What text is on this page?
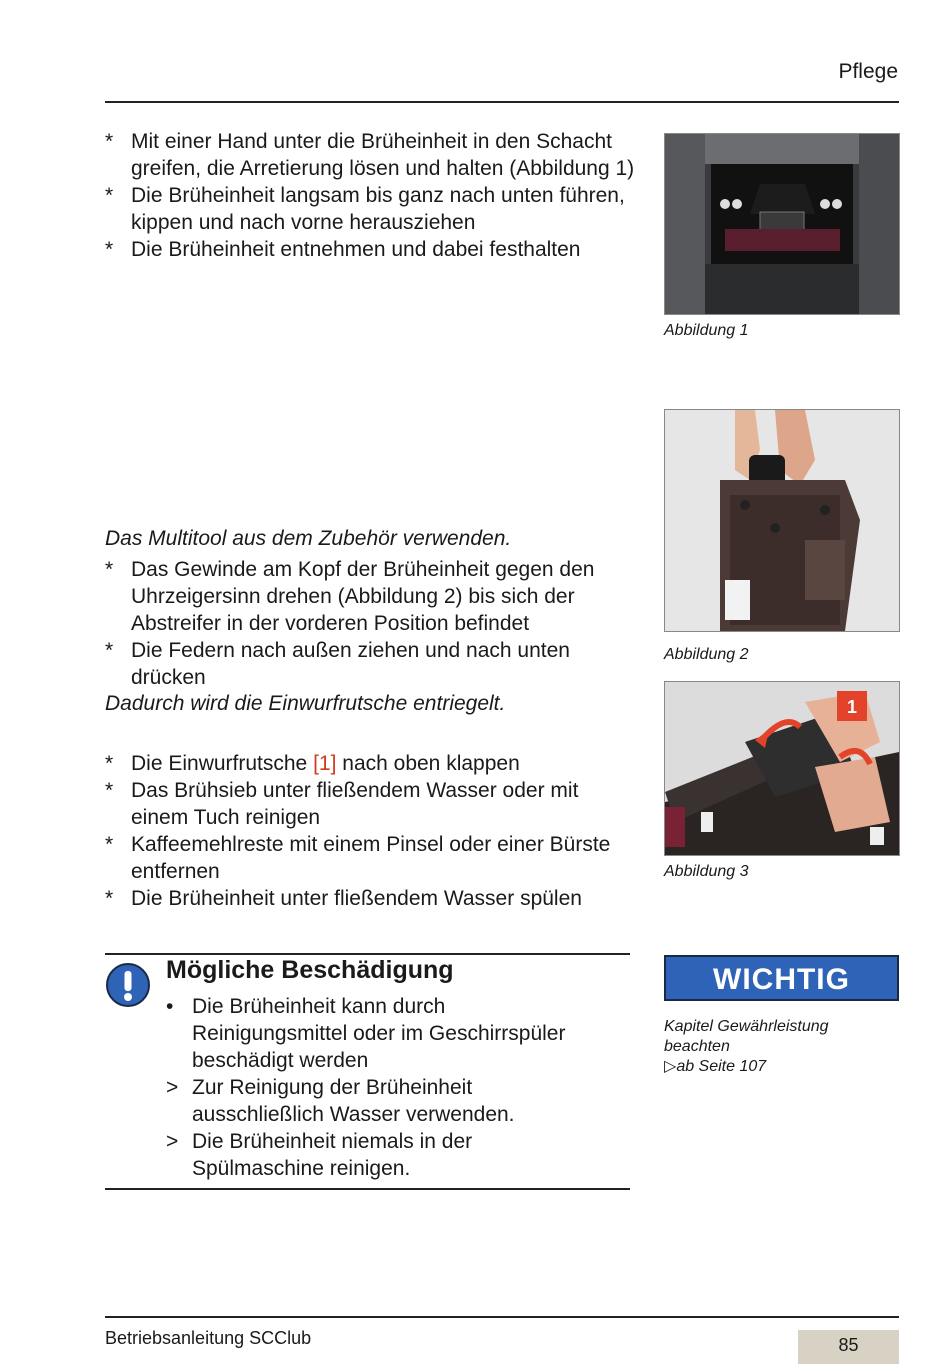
Pflege
* Mit einer Hand unter die Brüheinheit in den Schacht greifen, die Arretierung lösen und halten (Abbildung 1)
* Die Brüheinheit langsam bis ganz nach unten führen, kippen und nach vorne herausziehen
* Die Brüheinheit entnehmen und dabei festhalten
Abbildung 1
Abbildung 2
Das Multitool aus dem Zubehör verwenden.
* Das Gewinde am Kopf der Brüheinheit gegen den Uhrzeigersinn drehen (Abbildung 2) bis sich der Abstreifer in der vorderen Position befindet
* Die Federn nach außen ziehen und nach unten drücken
Dadurch wird die Einwurfrutsche entriegelt.	1
Abbildung 3
* Die Einwurfrutsche [1] nach oben klappen
* Das Brühsieb unter fließendem Wasser oder mit einem Tuch reinigen
* Kaffeemehlreste mit einem Pinsel oder einer Bürste entfernen
* Die Brüheinheit unter fließendem Wasser spülen
Mögliche Beschädigung
• Die Brüheinheit kann durch Reinigungsmittel oder im Geschirrspüler beschädigt werden
> Zur Reinigung der Brüheinheit ausschließlich Wasser verwenden.
> Die Brüheinheit niemals in der Spülmaschine reinigen.
WICHTIG
Kapitel Gewährleistung
beachten
▷ab Seite 107
Betriebsanleitung SCClub	85
